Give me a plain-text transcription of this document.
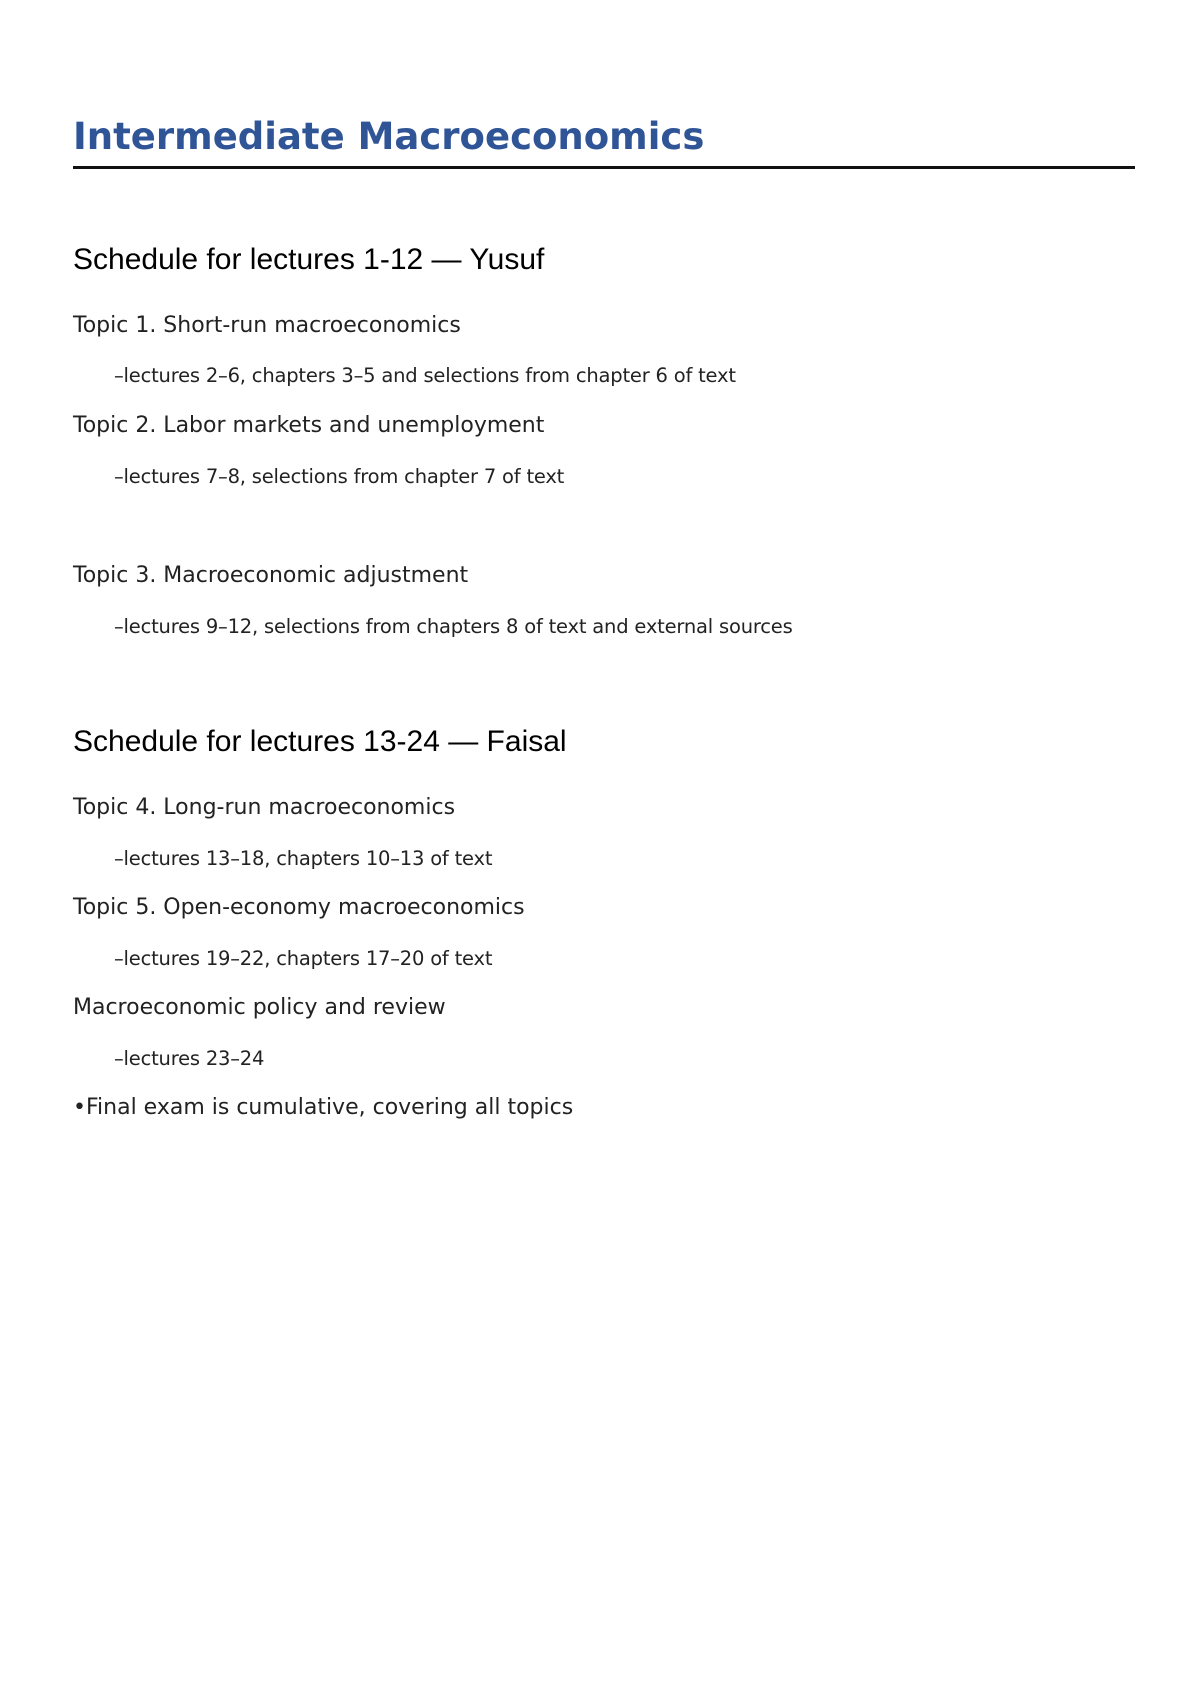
Intermediate Macroeconomics
Schedule for lectures 1-12 — Yusuf

Topic 1. Short-run macroeconomics

–lectures 2–6, chapters 3–5 and selections from chapter 6 of text

Topic 2. Labor markets and unemployment

–lectures 7–8, selections from chapter 7 of text

Topic 3. Macroeconomic adjustment

–lectures 9–12, selections from chapters 8 of text and external sources

Schedule for lectures 13-24 — Faisal

Topic 4. Long-run macroeconomics

–lectures 13–18, chapters 10–13 of text

Topic 5. Open-economy macroeconomics

–lectures 19–22, chapters 17–20 of text

Macroeconomic policy and review

–lectures 23–24

•Final exam is cumulative, covering all topics
